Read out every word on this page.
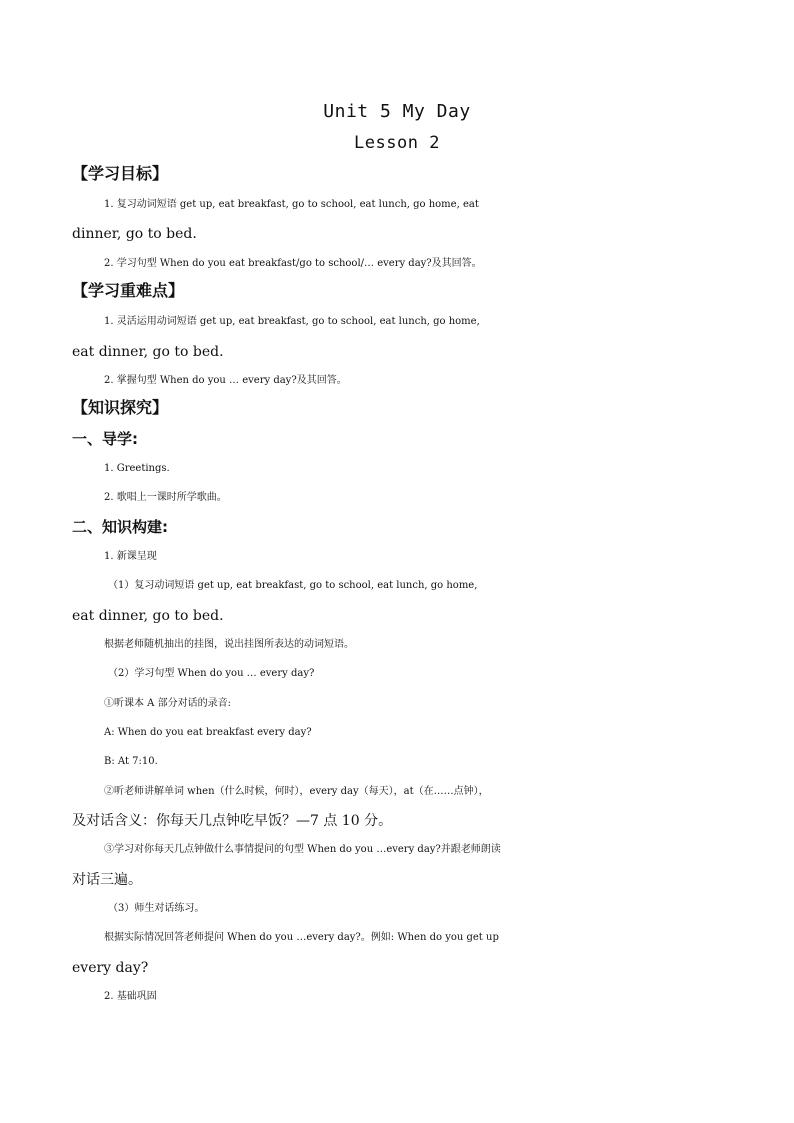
Unit 5 My Day
Lesson 2
【学习目标】
1. 复习动词短语 get up, eat breakfast, go to school, eat lunch, go home, eat
dinner, go to bed.
2. 学习句型 When do you eat breakfast/go to school/… every day?及其回答。
【学习重难点】
1. 灵活运用动词短语 get up, eat breakfast, go to school, eat lunch, go home,
eat dinner, go to bed.
2. 掌握句型 When do you … every day?及其回答。
【知识探究】
一、导学:
1. Greetings.
2. 歌唱上一课时所学歌曲。
二、知识构建:
1. 新课呈现
（1）复习动词短语 get up, eat breakfast, go to school, eat lunch, go home,
eat dinner, go to bed.
根据老师随机抽出的挂图，说出挂图所表达的动词短语。
（2）学习句型 When do you … every day?
①听课本 A 部分对话的录音:
A: When do you eat breakfast every day?
B: At 7:10.
②听老师讲解单词 when（什么时候，何时），every day（每天），at（在……点钟），
及对话含义：你每天几点钟吃早饭？—7 点 10 分。
③学习对你每天几点钟做什么事情提问的句型 When do you …every day?并跟老师朗读
对话三遍。
（3）师生对话练习。
根据实际情况回答老师提问 When do you …every day?。例如: When do you get up
every day?
2. 基础巩固
